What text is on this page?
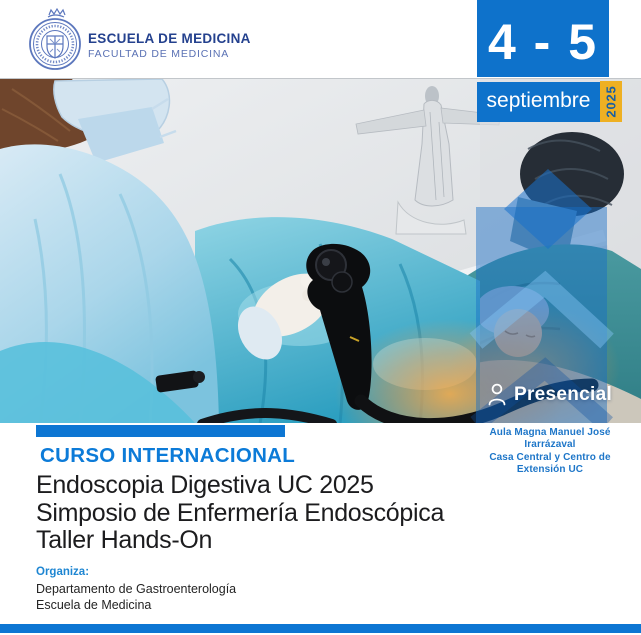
ESCUELA DE MEDICINA
FACULTAD DE MEDICINA
Presencial
4 - 5
septiembre	2025
Aula Magna Manuel José
Irarrázaval
Casa Central y Centro de
Extensión UC
CURSO INTERNACIONAL
Endoscopia Digestiva UC 2025
Simposio de Enfermería Endoscópica
Taller Hands-On
Organiza:
Departamento de Gastroenterología
Escuela de Medicina
